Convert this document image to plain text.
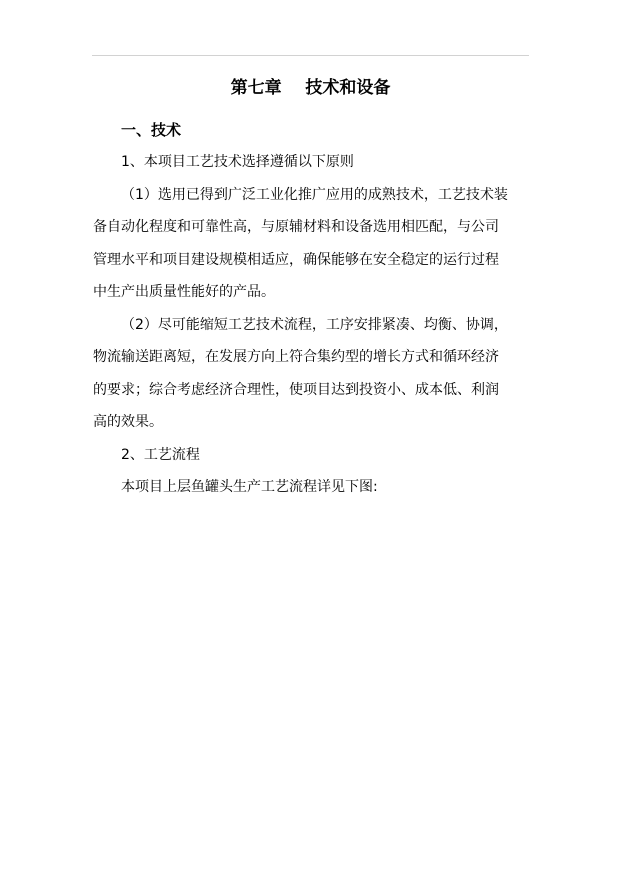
第七章    技术和设备
一、技术
1、本项目工艺技术选择遵循以下原则
（1）选用已得到广泛工业化推广应用的成熟技术，工艺技术装
备自动化程度和可靠性高，与原辅材料和设备选用相匹配，与公司
管理水平和项目建设规模相适应，确保能够在安全稳定的运行过程
中生产出质量性能好的产品。
（2）尽可能缩短工艺技术流程，工序安排紧凑、均衡、协调，
物流输送距离短，在发展方向上符合集约型的增长方式和循环经济
的要求；综合考虑经济合理性，使项目达到投资小、成本低、利润
高的效果。
2、工艺流程
本项目上层鱼罐头生产工艺流程详见下图:
